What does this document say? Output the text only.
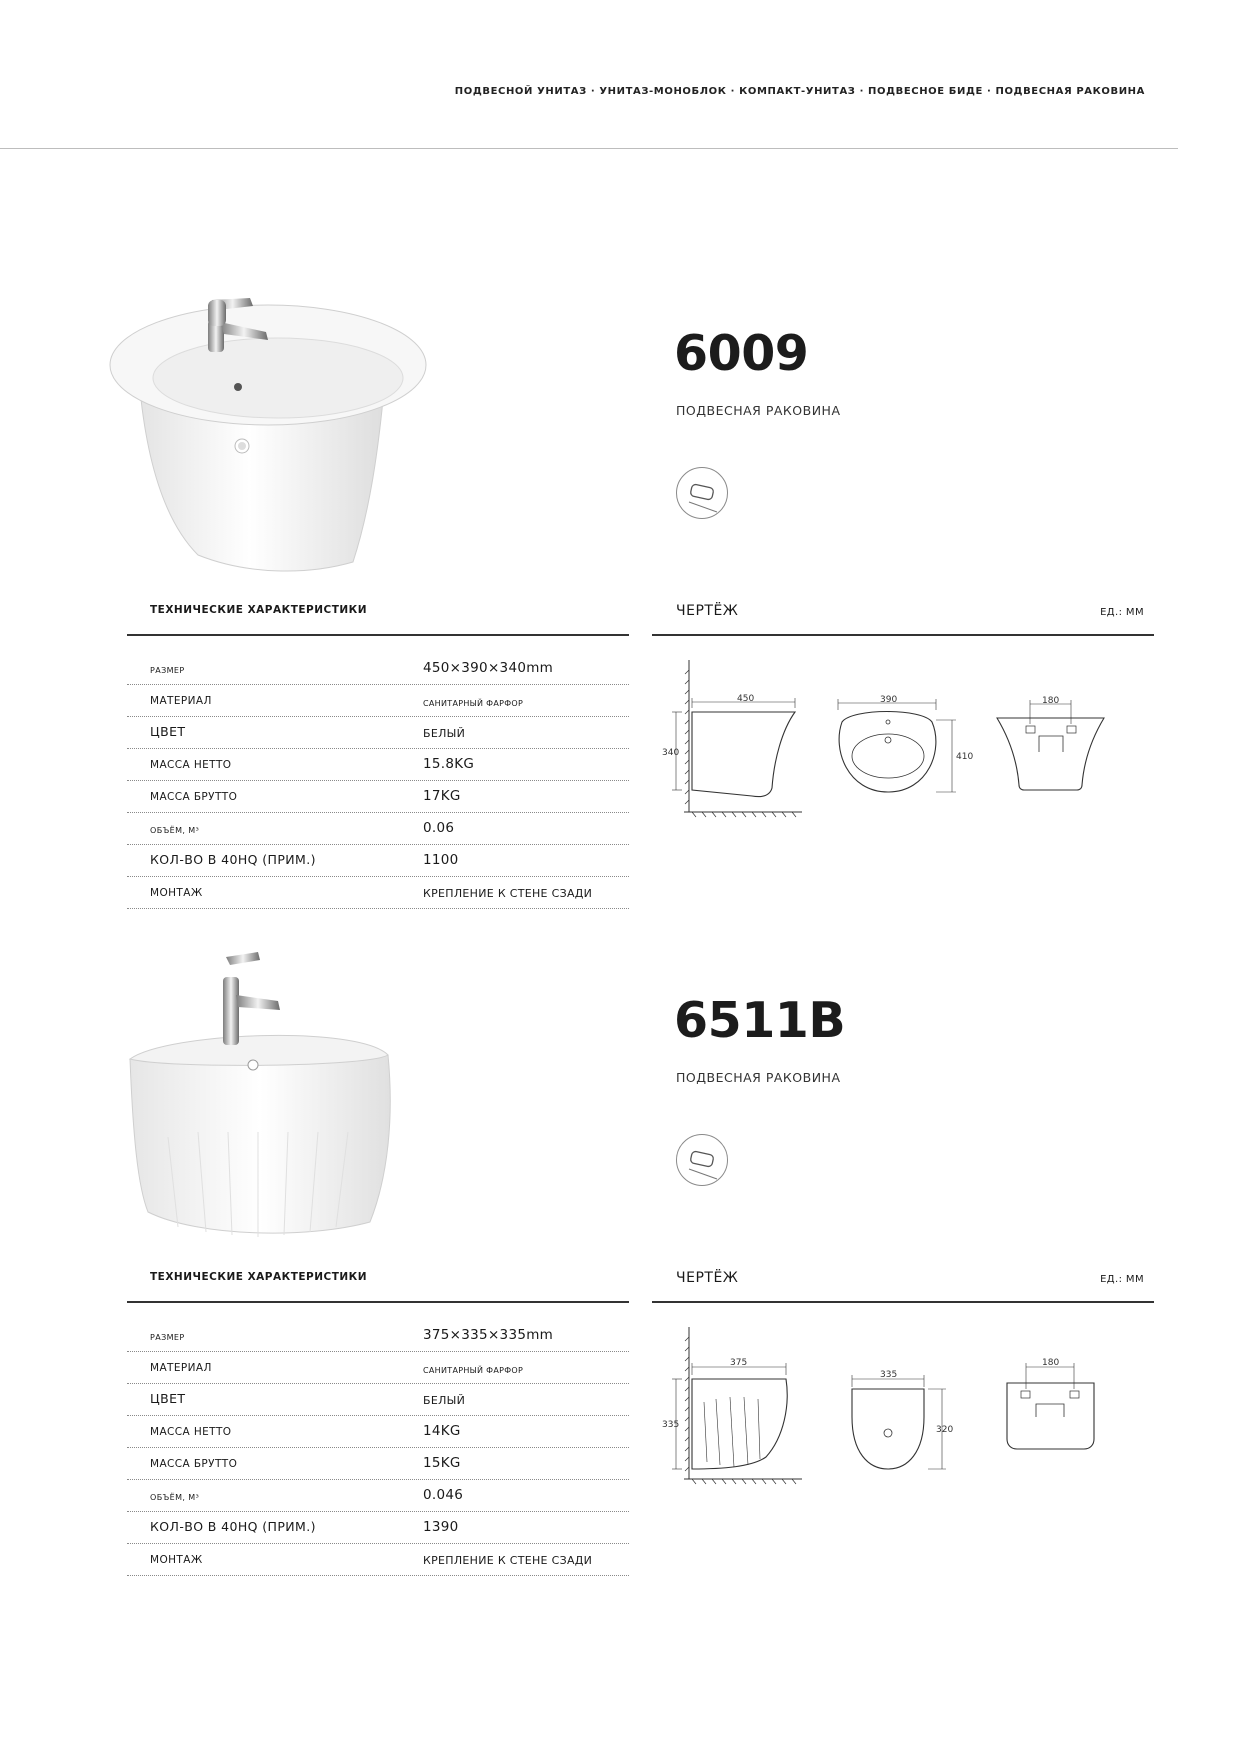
ПОДВЕСНОЙ УНИТАЗ · УНИТАЗ-МОНОБЛОК · КОМПАКТ-УНИТАЗ · ПОДВЕСНОЕ БИДЕ · ПОДВЕСНАЯ РАКОВИНА
6009
ПОДВЕСНАЯ РАКОВИНА
ТЕХНИЧЕСКИЕ ХАРАКТЕРИСТИКИ	ЧЕРТЁЖ	ЕД.: ММ
РАЗМЕР	450×390×340mm
МАТЕРИАЛ	САНИТАРНЫЙ ФАРФОР
ЦВЕТ	БЕЛЫЙ
МАССА НЕТТО	15.8KG
МАССА БРУТТО	17KG
ОБЪЁМ, М³	0.06
КОЛ-ВО В 40HQ (ПРИМ.)	1100
МОНТАЖ	КРЕПЛЕНИЕ К СТЕНЕ СЗАДИ
450
340
390
410
180
6511B
ПОДВЕСНАЯ РАКОВИНА
ТЕХНИЧЕСКИЕ ХАРАКТЕРИСТИКИ	ЧЕРТЁЖ	ЕД.: ММ
РАЗМЕР	375×335×335mm
МАТЕРИАЛ	САНИТАРНЫЙ ФАРФОР
ЦВЕТ	БЕЛЫЙ
МАССА НЕТТО	14KG
МАССА БРУТТО	15KG
ОБЪЁМ, М³	0.046
КОЛ-ВО В 40HQ (ПРИМ.)	1390
МОНТАЖ	КРЕПЛЕНИЕ К СТЕНЕ СЗАДИ
375
335
335
320
180
